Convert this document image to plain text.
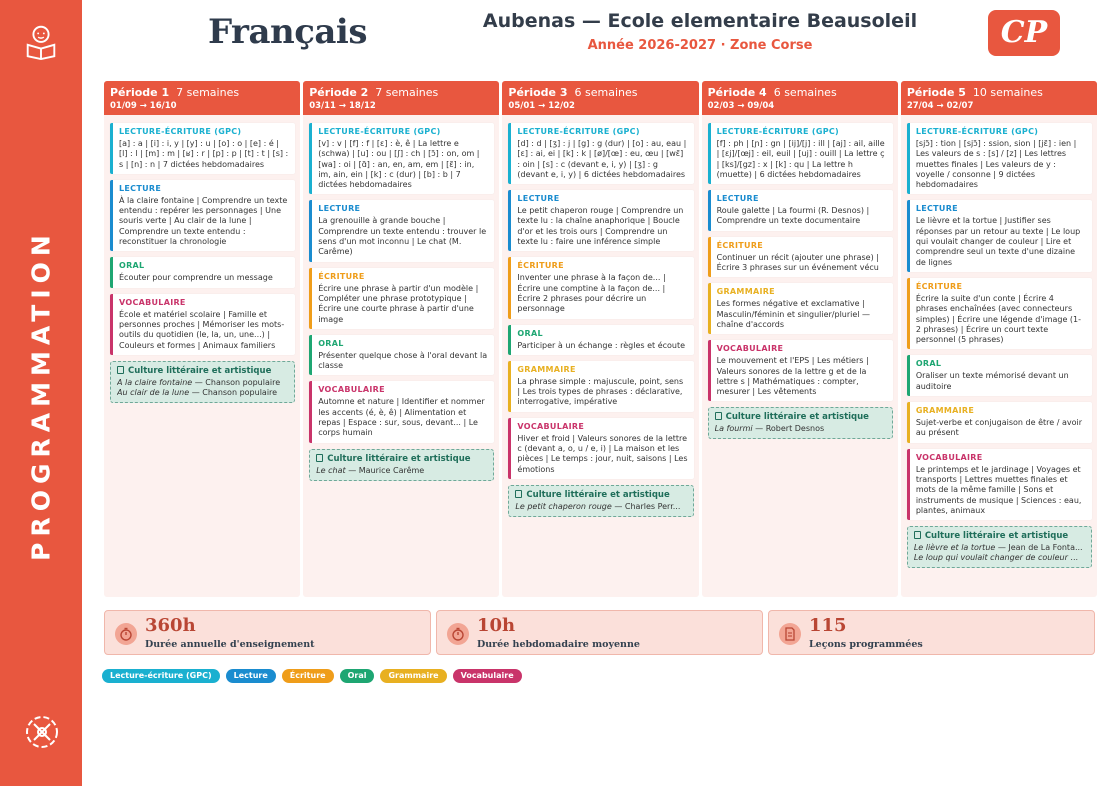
PROGRAMMATION
Français	Aubenas — Ecole elementaire Beausoleil
Année 2026-2027 · Zone Corse	CP
Période 1 7 semaines
01/09 → 16/10
LECTURE-ÉCRITURE (GPC)
[a] : a | [i] : i, y | [y] : u | [o] : o | [e] : é | [l] : l | [m] : m | [ʁ] : r | [p] : p | [t] : t | [s] : s | [n] : n | 7 dictées hebdomadaires
LECTURE
À la claire fontaine | Comprendre un texte entendu : repérer les personnages | Une souris verte | Au clair de la lune | Comprendre un texte entendu : reconstituer la chronologie
ORAL
Écouter pour comprendre un message
VOCABULAIRE
École et matériel scolaire | Famille et personnes proches | Mémoriser les mots-outils du quotidien (le, la, un, une...) | Couleurs et formes | Animaux familiers
Culture littéraire et artistique
A la claire fontaine — Chanson populaire
Au clair de la lune — Chanson populaire
Période 2 7 semaines
03/11 → 18/12
LECTURE-ÉCRITURE (GPC)
[v] : v | [f] : f | [ɛ] : è, ê | La lettre e (schwa) | [u] : ou | [ʃ] : ch | [ɔ̃] : on, om | [wa] : oi | [ɑ̃] : an, en, am, em | [ɛ̃] : in, im, ain, ein | [k] : c (dur) | [b] : b | 7 dictées hebdomadaires
LECTURE
La grenouille à grande bouche | Comprendre un texte entendu : trouver le sens d'un mot inconnu | Le chat (M. Carême)
ÉCRITURE
Écrire une phrase à partir d'un modèle | Compléter une phrase prototypique | Écrire une courte phrase à partir d'une image
ORAL
Présenter quelque chose à l'oral devant la classe
VOCABULAIRE
Automne et nature | Identifier et nommer les accents (é, è, ê) | Alimentation et repas | Espace : sur, sous, devant... | Le corps humain
Culture littéraire et artistique
Le chat — Maurice Carême
Période 3 6 semaines
05/01 → 12/02
LECTURE-ÉCRITURE (GPC)
[d] : d | [ʒ] : j | [g] : g (dur) | [o] : au, eau | [ɛ] : ai, ei | [k] : k | [ø]/[œ] : eu, œu | [wɛ̃] : oin | [s] : c (devant e, i, y) | [ʒ] : g (devant e, i, y) | 6 dictées hebdomadaires
LECTURE
Le petit chaperon rouge | Comprendre un texte lu : la chaîne anaphorique | Boucle d'or et les trois ours | Comprendre un texte lu : faire une inférence simple
ÉCRITURE
Inventer une phrase à la façon de... | Écrire une comptine à la façon de... | Écrire 2 phrases pour décrire un personnage
ORAL
Participer à un échange : règles et écoute
GRAMMAIRE
La phrase simple : majuscule, point, sens | Les trois types de phrases : déclarative, interrogative, impérative
VOCABULAIRE
Hiver et froid | Valeurs sonores de la lettre c (devant a, o, u / e, i) | La maison et les pièces | Le temps : jour, nuit, saisons | Les émotions
Culture littéraire et artistique
Le petit chaperon rouge — Charles Perr...
Période 4 6 semaines
02/03 → 09/04
LECTURE-ÉCRITURE (GPC)
[f] : ph | [ɲ] : gn | [ij]/[j] : ill | [aj] : ail, aille | [ɛj]/[œj] : eil, euil | [uj] : ouill | La lettre ç | [ks]/[gz] : x | [k] : qu | La lettre h (muette) | 6 dictées hebdomadaires
LECTURE
Roule galette | La fourmi (R. Desnos) | Comprendre un texte documentaire
ÉCRITURE
Continuer un récit (ajouter une phrase) | Écrire 3 phrases sur un événement vécu
GRAMMAIRE
Les formes négative et exclamative | Masculin/féminin et singulier/pluriel — chaîne d'accords
VOCABULAIRE
Le mouvement et l'EPS | Les métiers | Valeurs sonores de la lettre g et de la lettre s | Mathématiques : compter, mesurer | Les vêtements
Culture littéraire et artistique
La fourmi — Robert Desnos
Période 5 10 semaines
27/04 → 02/07
LECTURE-ÉCRITURE (GPC)
[sjɔ̃] : tion | [sjɔ̃] : ssion, sion | [jɛ̃] : ien | Les valeurs de s : [s] / [z] | Les lettres muettes finales | Les valeurs de y : voyelle / consonne | 9 dictées hebdomadaires
LECTURE
Le lièvre et la tortue | Justifier ses réponses par un retour au texte | Le loup qui voulait changer de couleur | Lire et comprendre seul un texte d'une dizaine de lignes
ÉCRITURE
Écrire la suite d'un conte | Écrire 4 phrases enchaînées (avec connecteurs simples) | Écrire une légende d'image (1-2 phrases) | Écrire un court texte personnel (5 phrases)
ORAL
Oraliser un texte mémorisé devant un auditoire
GRAMMAIRE
Sujet-verbe et conjugaison de être / avoir au présent
VOCABULAIRE
Le printemps et le jardinage | Voyages et transports | Lettres muettes finales et mots de la même famille | Sons et instruments de musique | Sciences : eau, plantes, animaux
Culture littéraire et artistique
Le lièvre et la tortue — Jean de La Fonta...
Le loup qui voulait changer de couleur ...
360h
Durée annuelle d'enseignement
10h
Durée hebdomadaire moyenne
115
Leçons programmées
Lecture-écriture (GPC)	Lecture	Écriture	Oral	Grammaire	Vocabulaire
